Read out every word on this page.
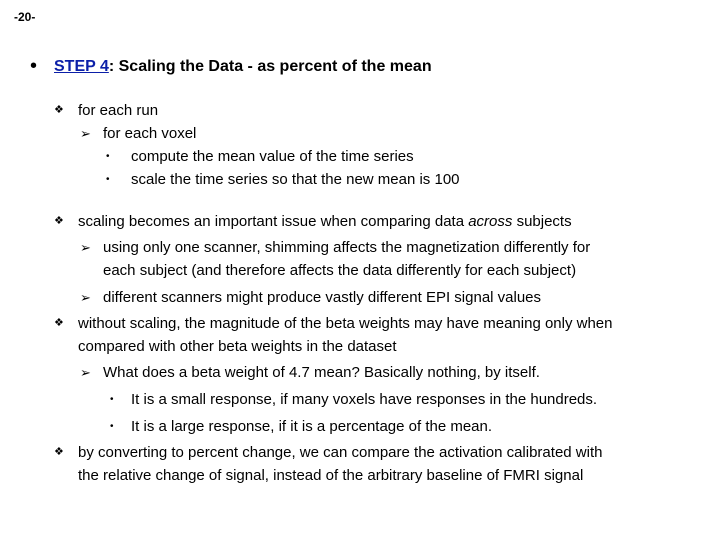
-20-
• STEP 4: Scaling the Data - as percent of the mean
❖ for each run
➢ for each voxel
• compute the mean value of the time series
• scale the time series so that the new mean is 100
❖ scaling becomes an important issue when comparing data across subjects
➢ using only one scanner, shimming affects the magnetization differently for
each subject (and therefore affects the data differently for each subject)
➢ different scanners might produce vastly different EPI signal values
❖ without scaling, the magnitude of the beta weights may have meaning only when
compared with other beta weights in the dataset
➢ What does a beta weight of 4.7 mean? Basically nothing, by itself.
• It is a small response, if many voxels have responses in the hundreds.
• It is a large response, if it is a percentage of the mean.
❖ by converting to percent change, we can compare the activation calibrated with
the relative change of signal, instead of the arbitrary baseline of FMRI signal
